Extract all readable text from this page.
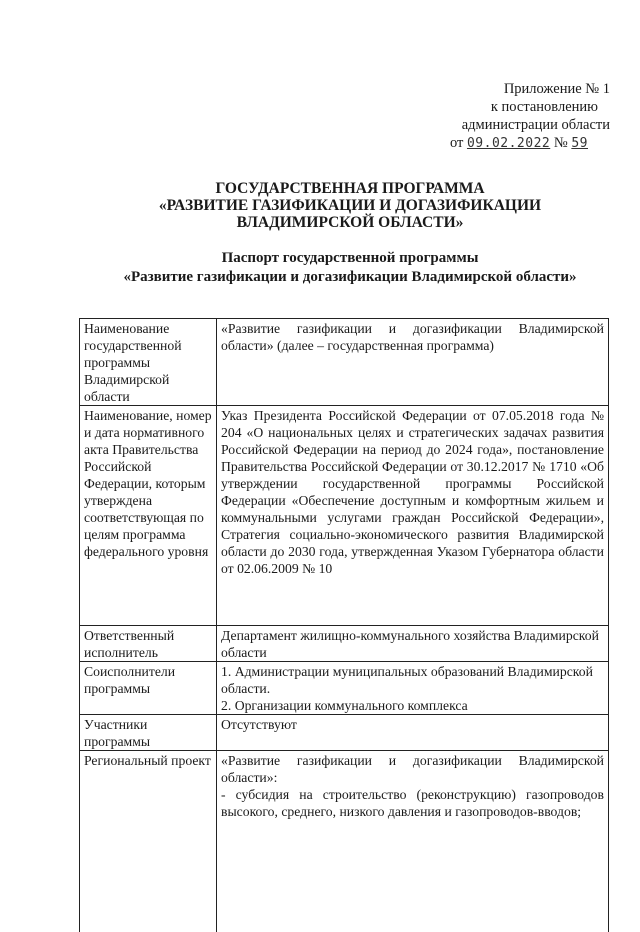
Приложение № 1
к постановлению
администрации области
от 09.02.2022 № 59
ГОСУДАРСТВЕННАЯ ПРОГРАММА
«РАЗВИТИЕ ГАЗИФИКАЦИИ И ДОГАЗИФИКАЦИИ
ВЛАДИМИРСКОЙ ОБЛАСТИ»
Паспорт государственной программы
«Развитие газификации и догазификации Владимирской области»
Наименование государственной программы Владимирской области	«Развитие газификации и догазификации Владимирской области» (далее – государственная программа)
Наименование, номер и дата нормативного акта Правительства Российской Федерации, которым утверждена соответствующая по целям программа федерального уровня	Указ Президента Российской Федерации от 07.05.2018 года № 204 «О национальных целях и стратегических задачах развития Российской Федерации на период до 2024 года», постановление Правительства Российской Федерации от 30.12.2017 № 1710 «Об утверждении государственной программы Российской Федерации «Обеспечение доступным и комфортным жильем и коммунальными услугами граждан Российской Федерации», Стратегия социально-экономического развития Владимирской области до 2030 года, утвержденная Указом Губернатора области от 02.06.2009 № 10
Ответственный исполнитель	Департамент жилищно-коммунального хозяйства Владимирской области
Соисполнители программы	1. Администрации муниципальных образований Владимирской области.
2. Организации коммунального комплекса

Участники программы	Отсутствуют
Региональный проект	«Развитие газификации и догазификации Владимирской области»:
- субсидия на строительство (реконструкцию) газопроводов высокого, среднего, низкого давления и газопроводов-вводов;
